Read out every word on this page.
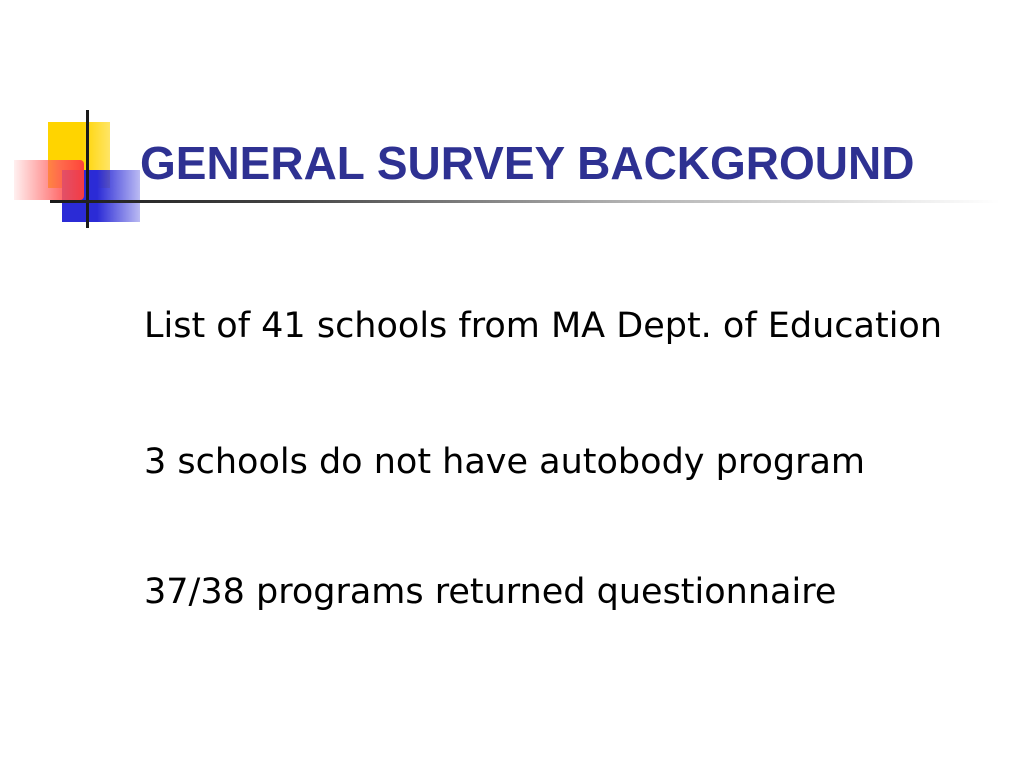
GENERAL SURVEY BACKGROUND
List of 41 schools from MA Dept. of Education
3 schools do not have autobody program
37/38 programs returned questionnaire
